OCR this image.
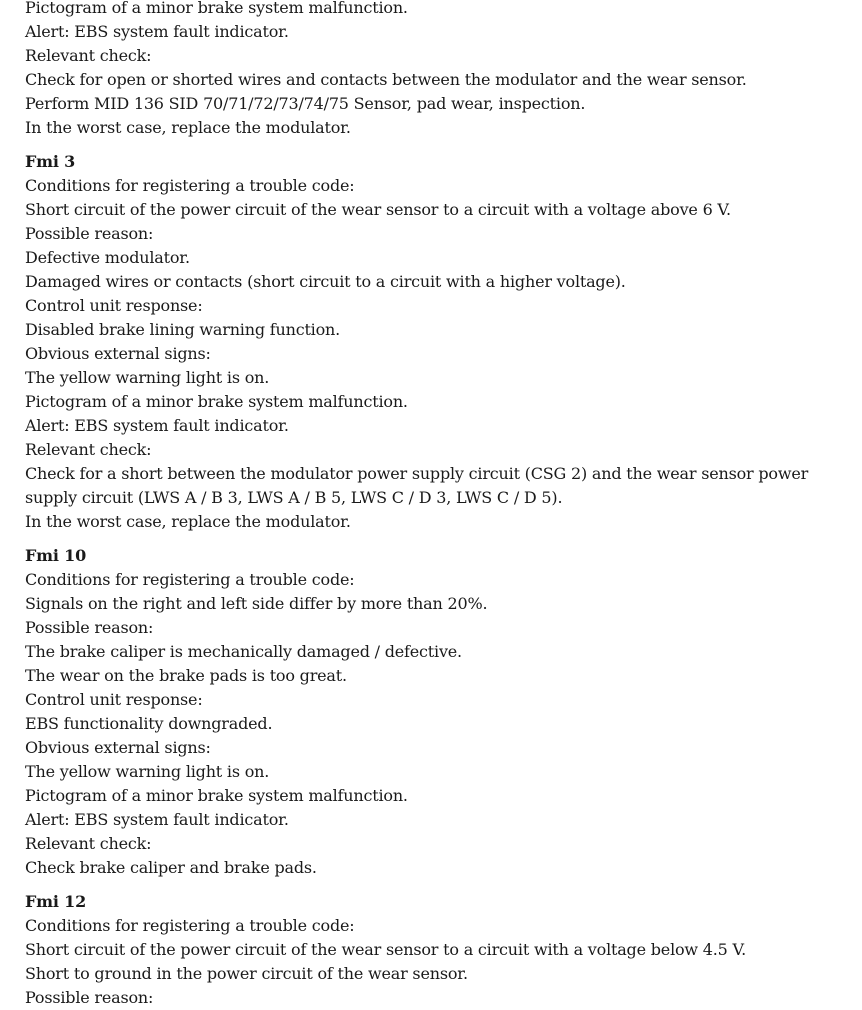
Pictogram of a minor brake system malfunction.
Alert: EBS system fault indicator.
Relevant check:
Check for open or shorted wires and contacts between the modulator and the wear sensor.
Perform MID 136 SID 70/71/72/73/74/75 Sensor, pad wear, inspection.
In the worst case, replace the modulator.
Fmi 3
Conditions for registering a trouble code:
Short circuit of the power circuit of the wear sensor to a circuit with a voltage above 6 V.
Possible reason:
Defective modulator.
Damaged wires or contacts (short circuit to a circuit with a higher voltage).
Control unit response:
Disabled brake lining warning function.
Obvious external signs:
The yellow warning light is on.
Pictogram of a minor brake system malfunction.
Alert: EBS system fault indicator.
Relevant check:
Check for a short between the modulator power supply circuit (CSG 2) and the wear sensor power supply circuit (LWS A / B 3, LWS A / B 5, LWS C / D 3, LWS C / D 5).
In the worst case, replace the modulator.
Fmi 10
Conditions for registering a trouble code:
Signals on the right and left side differ by more than 20%.
Possible reason:
The brake caliper is mechanically damaged / defective.
The wear on the brake pads is too great.
Control unit response:
EBS functionality downgraded.
Obvious external signs:
The yellow warning light is on.
Pictogram of a minor brake system malfunction.
Alert: EBS system fault indicator.
Relevant check:
Check brake caliper and brake pads.
Fmi 12
Conditions for registering a trouble code:
Short circuit of the power circuit of the wear sensor to a circuit with a voltage below 4.5 V.
Short to ground in the power circuit of the wear sensor.
Possible reason:
